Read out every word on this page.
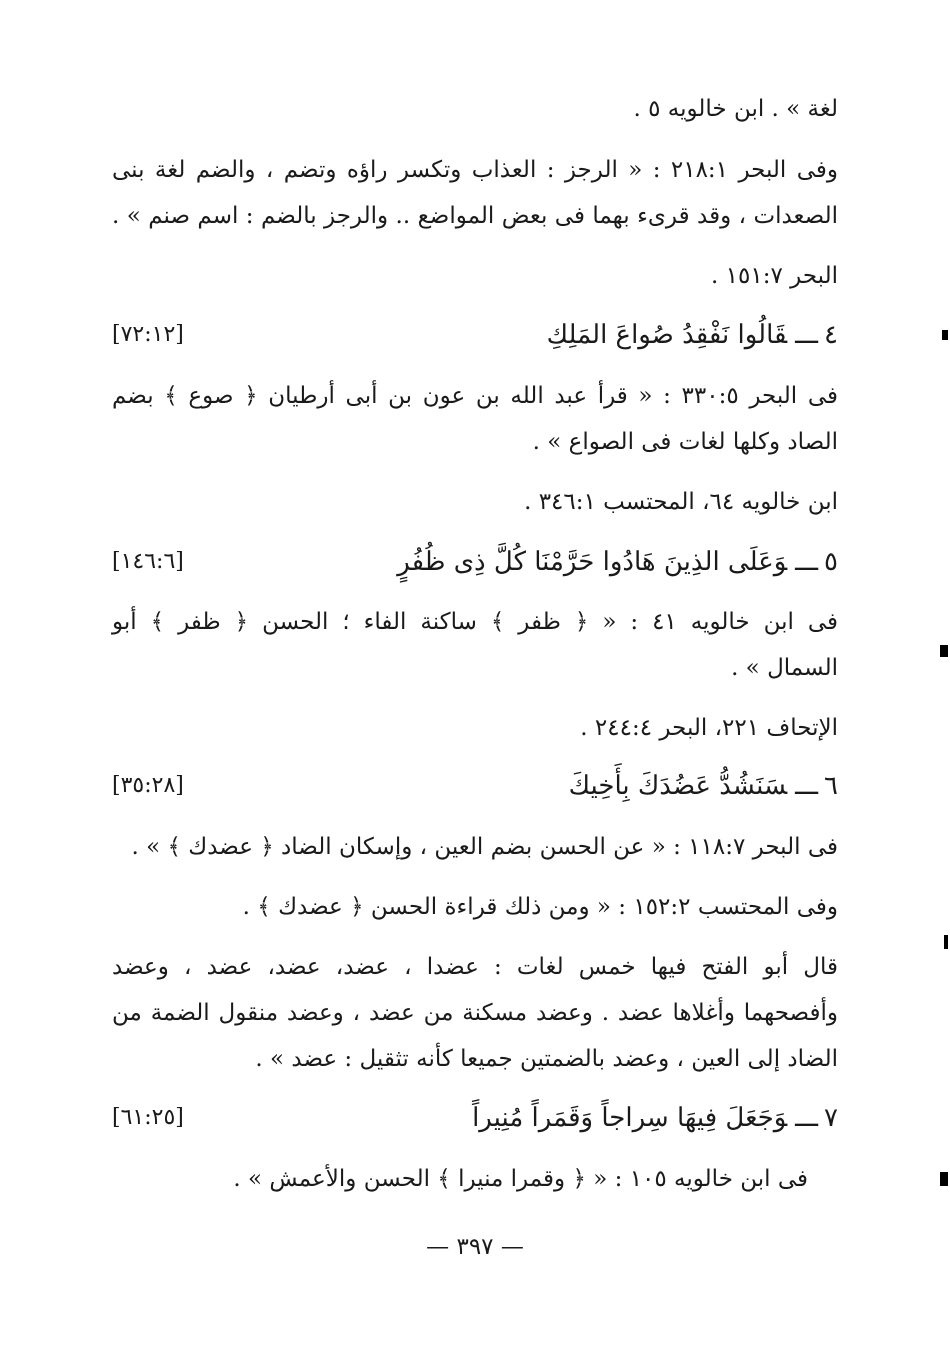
لغة » . ابن خالويه ٥ .
وفى البحر ٢١٨:١ : « الرجز : العذاب وتكسر راؤه وتضم ، والضم لغة بنى
الصعدات ، وقد قرىء بهما فى بعض المواضع .. والرجز بالضم : اسم صنم » .
البحر ١٥١:٧ .
٤ـــقَالُوا نَفْقِدُ صُواعَ المَلِكِ
[٧٢:١٢]
فى البحر ٣٣٠:٥ : « قرأ عبد الله بن عون بن أبى أرطيان ﴿ صوع ﴾ بضم
الصاد وكلها لغات فى الصواع » .
ابن خالويه ٦٤، المحتسب ٣٤٦:١ .
٥ـــوَعَلَى الذِينَ هَادُوا حَرَّمْنَا كُلَّ ذِى ظُفُرٍ
[١٤٦:٦]
فى ابن خالويه ٤١ : « ﴿ ظفر ﴾ ساكنة الفاء ؛ الحسن ﴿ ظفر ﴾ أبو
السمال » .
الإتحاف ٢٢١، البحر ٢٤٤:٤ .
٦ـــسَنَشُدُّ عَضُدَكَ بِأَخِيكَ
[٣٥:٢٨]
فى البحر ١١٨:٧ : « عن الحسن بضم العين ، وإسكان الضاد ﴿ عضدك ﴾ » .
وفى المحتسب ١٥٢:٢ : « ومن ذلك قراءة الحسن ﴿ عضدك ﴾ .
قال أبو الفتح فيها خمس لغات : عضدا ، عضد، عضد، عضد ، وعضد
وأفصحهما وأغلاها عضد . وعضد مسكنة من عضد ، وعضد منقول الضمة من
الضاد إلى العين ، وعضد بالضمتين جميعا كأنه تثقيل : عضد » .
٧ـــوَجَعَلَ فِيهَا سِراجاً وَقَمَراً مُنِيراً
[٦١:٢٥]
فى ابن خالويه ١٠٥ : « ﴿ وقمرا منيرا ﴾ الحسن والأعمش » .
— ٣٩٧ —
